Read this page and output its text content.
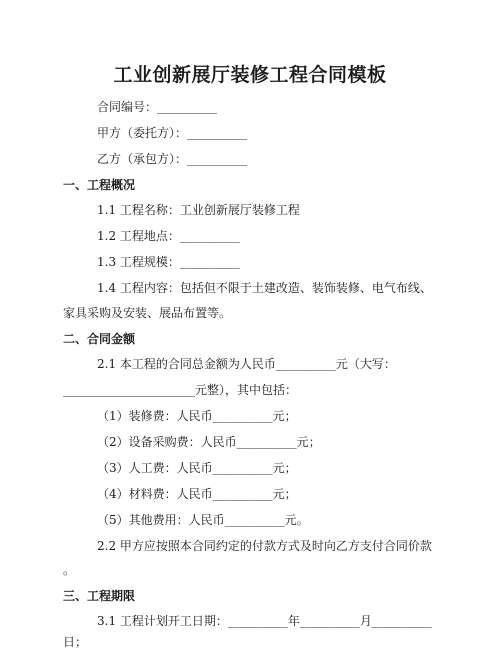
工业创新展厅装修工程合同模板
合同编号：__________
甲方（委托方）：__________
乙方（承包方）：__________
一、工程概况
1.1 工程名称：工业创新展厅装修工程
1.2 工程地点：__________
1.3 工程规模：__________
1.4 工程内容：包括但不限于土建改造、装饰装修、电气布线、
家具采购及安装、展品布置等。
二、合同金额
2.1 本工程的合同总金额为人民币__________元（大写：
______________________元整），其中包括：
（1）装修费：人民币__________元；
（2）设备采购费：人民币__________元；
（3）人工费：人民币__________元；
（4）材料费：人民币__________元；
（5）其他费用：人民币__________元。
2.2 甲方应按照本合同约定的付款方式及时向乙方支付合同价款
。
三、工程期限
3.1 工程计划开工日期：__________年__________月__________
日；
